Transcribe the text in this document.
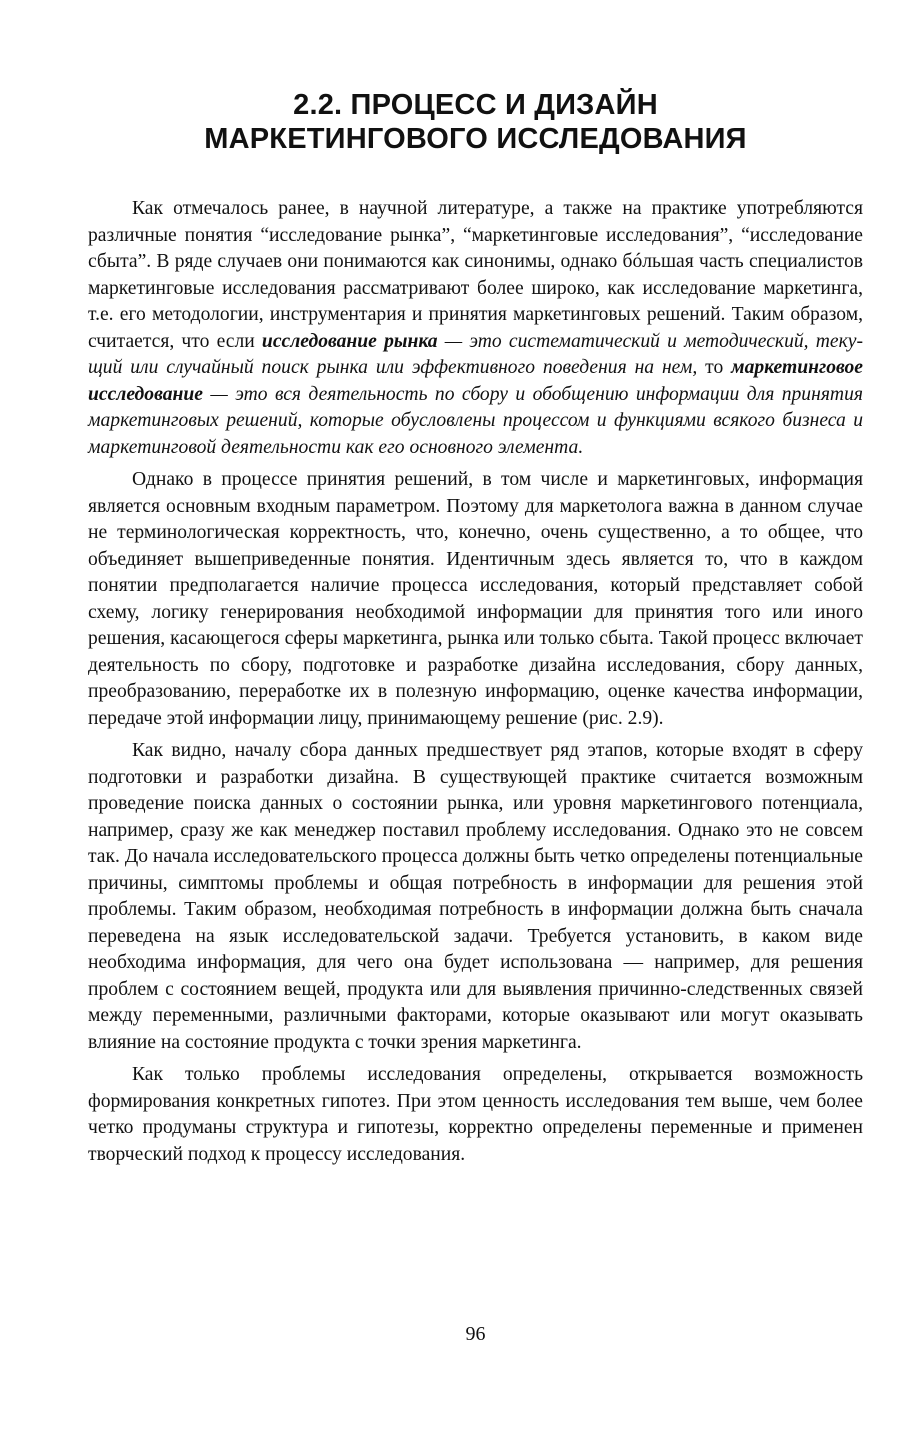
2.2. ПРОЦЕСС И ДИЗАЙН
МАРКЕТИНГОВОГО ИССЛЕДОВАНИЯ

Как отмечалось ранее, в научной литературе, а также на практике употребляются различные понятия “исследование рынка”, “маркетинговые исследования”, “исследование сбыта”. В ряде случаев они понимаются как синонимы, однако бóльшая часть специалистов маркетинговые исследования рассматривают более широко, как исследование маркетинга, т.е. его методологии, инструментария и принятия маркетинговых решений. Таким образом, считается, что если исследование рынка — это систематический и методический, текущий или случайный поиск рынка или эффективного поведения на нем, то маркетинговое исследование — это вся деятельность по сбору и обобщению информации для принятия маркетинговых решений, которые обусловлены процессом и функциями всякого бизнеса и маркетинговой деятельности как его основного элемента.

Однако в процессе принятия решений, в том числе и маркетинговых, информация является основным входным параметром. Поэтому для маркетолога важна в данном случае не терминологическая корректность, что, конечно, очень существенно, а то общее, что объединяет вышеприведенные понятия. Идентичным здесь является то, что в каждом понятии предполагается наличие процесса исследования, который представляет собой схему, логику генерирования необходимой информации для принятия того или иного решения, касающегося сферы маркетинга, рынка или только сбыта. Такой процесс включает деятельность по сбору, подготовке и разработке дизайна исследования, сбору данных, преобразованию, переработке их в полезную информацию, оценке качества информации, передаче этой информации лицу, принимающему решение (рис. 2.9).

Как видно, началу сбора данных предшествует ряд этапов, которые входят в сферу подготовки и разработки дизайна. В существующей практике считается возможным проведение поиска данных о состоянии рынка, или уровня маркетингового потенциала, например, сразу же как менеджер поставил проблему исследования. Однако это не совсем так. До начала исследовательского процесса должны быть четко определены потенциальные причины, симптомы проблемы и общая потребность в информации для решения этой проблемы. Таким образом, необходимая потребность в информации должна быть сначала переведена на язык исследовательской задачи. Требуется установить, в каком виде необходима информация, для чего она будет использована — например, для решения проблем с состоянием вещей, продукта или для выявления причинно-следственных связей между переменными, различными факторами, которые оказывают или могут оказывать влияние на состояние продукта с точки зрения маркетинга.

Как только проблемы исследования определены, открывается возможность формирования конкретных гипотез. При этом ценность исследования тем выше, чем более четко продуманы структура и гипотезы, корректно определены переменные и применен творческий подход к процессу исследования.

96
